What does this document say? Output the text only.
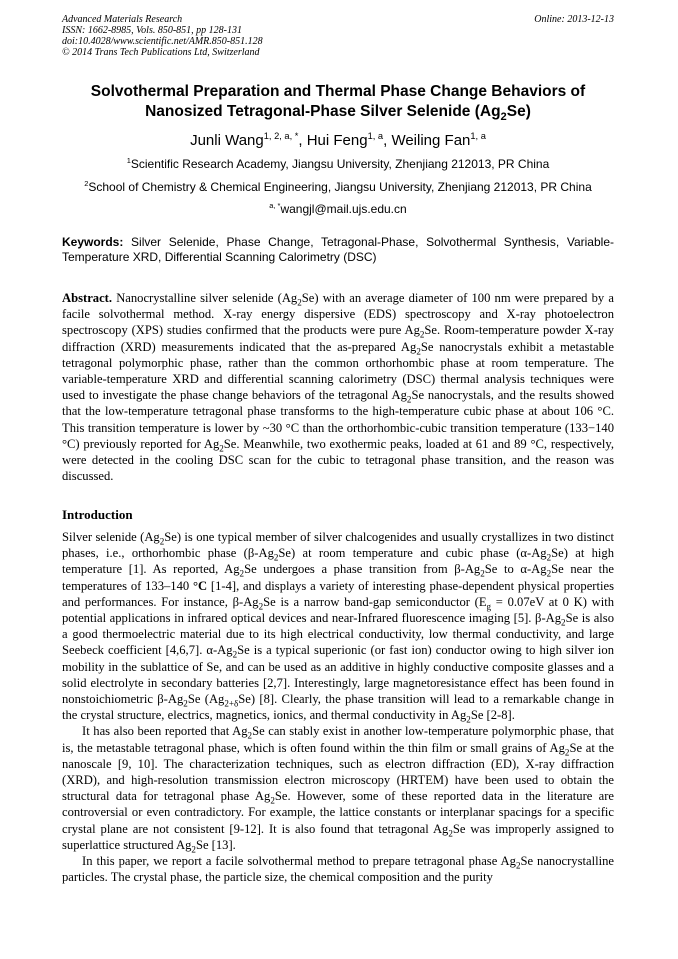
Advanced Materials Research
ISSN: 1662-8985, Vols. 850-851, pp 128-131
doi:10.4028/www.scientific.net/AMR.850-851.128
© 2014 Trans Tech Publications Ltd, Switzerland
Online: 2013-12-13
Solvothermal Preparation and Thermal Phase Change Behaviors of
Nanosized Tetragonal-Phase Silver Selenide $(Ag_2Se)$
Junli Wang$^{1, 2, a, *}$, Hui Feng$^{1, a}$, Weiling Fan$^{1, a}$
$^1$Scientific Research Academy, Jiangsu University, Zhenjiang 212013, PR China
$^2$School of Chemistry & Chemical Engineering, Jiangsu University, Zhenjiang 212013, PR China
$^{a, *}$wangjl@mail.ujs.edu.cn
Keywords: Silver Selenide, Phase Change, Tetragonal-Phase, Solvothermal Synthesis, Variable-Temperature XRD, Differential Scanning Calorimetry (DSC)
Abstract. Nanocrystalline silver selenide $(Ag_2Se)$ with an average diameter of 100 nm were prepared by a facile solvothermal method. X-ray energy dispersive (EDS) spectroscopy and X-ray photoelectron spectroscopy (XPS) studies confirmed that the products were pure $Ag_2Se$. Room-temperature powder X-ray diffraction (XRD) measurements indicated that the as-prepared $Ag_2Se$ nanocrystals exhibit a metastable tetragonal polymorphic phase, rather than the common orthorhombic phase at room temperature. The variable-temperature XRD and differential scanning calorimetry (DSC) thermal analysis techniques were used to investigate the phase change behaviors of the tetragonal $Ag_2Se$ nanocrystals, and the results showed that the low-temperature tetragonal phase transforms to the high-temperature cubic phase at about 106 °C. This transition temperature is lower by ~30 °C than the orthorhombic-cubic transition temperature (133−140 °C) previously reported for $Ag_2Se$. Meanwhile, two exothermic peaks, loaded at 61 and 89 °C, respectively, were detected in the cooling DSC scan for the cubic to tetragonal phase transition, and the reason was discussed.
Introduction

Silver selenide $(Ag_2Se)$ is one typical member of silver chalcogenides and usually crystallizes in two distinct phases, i.e., orthorhombic phase $(\beta-Ag_2Se)$ at room temperature and cubic phase $(\alpha-Ag_2Se)$ at high temperature [1]. As reported, $Ag_2Se$ undergoes a phase transition from $\beta-Ag_2Se$ to $\alpha-Ag_2Se$ near the temperatures of 133–140 °C [1-4], and displays a variety of interesting phase-dependent physical properties and performances. For instance, $\beta-Ag_2Se$ is a narrow band-gap semiconductor ($E_g = 0.07eV$ at 0 K) with potential applications in infrared optical devices and near-Infrared fluorescence imaging [5]. $\beta-Ag_2Se$ is also a good thermoelectric material due to its high electrical conductivity, low thermal conductivity, and large Seebeck coefficient [4,6,7]. $\alpha-Ag_2Se$ is a typical superionic (or fast ion) conductor owing to high silver ion mobility in the sublattice of Se, and can be used as an additive in highly conductive composite glasses and a solid electrolyte in secondary batteries [2,7]. Interestingly, large magnetoresistance effect has been found in nonstoichiometric $\beta-Ag_2Se$ $(Ag_{2+\delta}Se)$ [8]. Clearly, the phase transition will lead to a remarkable change in the crystal structure, electrics, magnetics, ionics, and thermal conductivity in $Ag_2Se$ [2-8].

It has also been reported that $Ag_2Se$ can stably exist in another low-temperature polymorphic phase, that is, the metastable tetragonal phase, which is often found within the thin film or small grains of $Ag_2Se$ at the nanoscale [9, 10]. The characterization techniques, such as electron diffraction (ED), X-ray diffraction (XRD), and high-resolution transmission electron microscopy (HRTEM) have been used to obtain the structural data for tetragonal phase $Ag_2Se$. However, some of these reported data in the literature are controversial or even contradictory. For example, the lattice constants or interplanar spacings for a specific crystal plane are not consistent [9-12]. It is also found that tetragonal $Ag_2Se$ was improperly assigned to superlattice structured $Ag_2Se$ [13].

In this paper, we report a facile solvothermal method to prepare tetragonal phase $Ag_2Se$ nanocrystalline particles. The crystal phase, the particle size, the chemical composition and the purity
